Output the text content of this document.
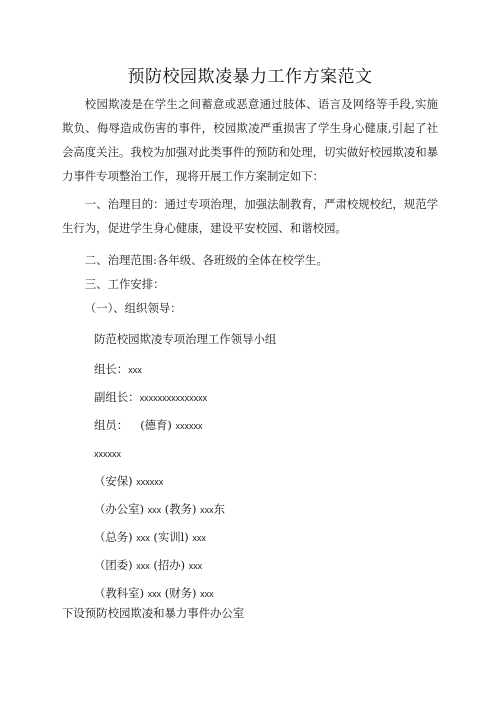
预防校园欺凌暴力工作方案范文
校园欺凌是在学生之间蓄意或恶意通过肢体、语言及网络等手段,实施欺负、侮辱造成伤害的事件，校园欺凌严重损害了学生身心健康,引起了社会高度关注。我校为加强对此类事件的预防和处理，切实做好校园欺凌和暴力事件专项整治工作，现将开展工作方案制定如下：
一、治理目的：通过专项治理，加强法制教育，严肃校规校纪，规范学生行为，促进学生身心健康，建设平安校园、和谐校园。
二、治理范围:各年级、各班级的全体在校学生。
三、工作安排：
（一）、组织领导：
防范校园欺凌专项治理工作领导小组
组长：xxx
副组长：xxxxxxxxxxxxxxx
组员： (德育) xxxxxx
xxxxxx
（安保) xxxxxx
（办公室) xxx (教务) xxx东
（总务) xxx (实训l) xxx
（团委) xxx (招办) xxx
（教科室) xxx (财务) xxx
下设预防校园欺凌和暴力事件办公室
